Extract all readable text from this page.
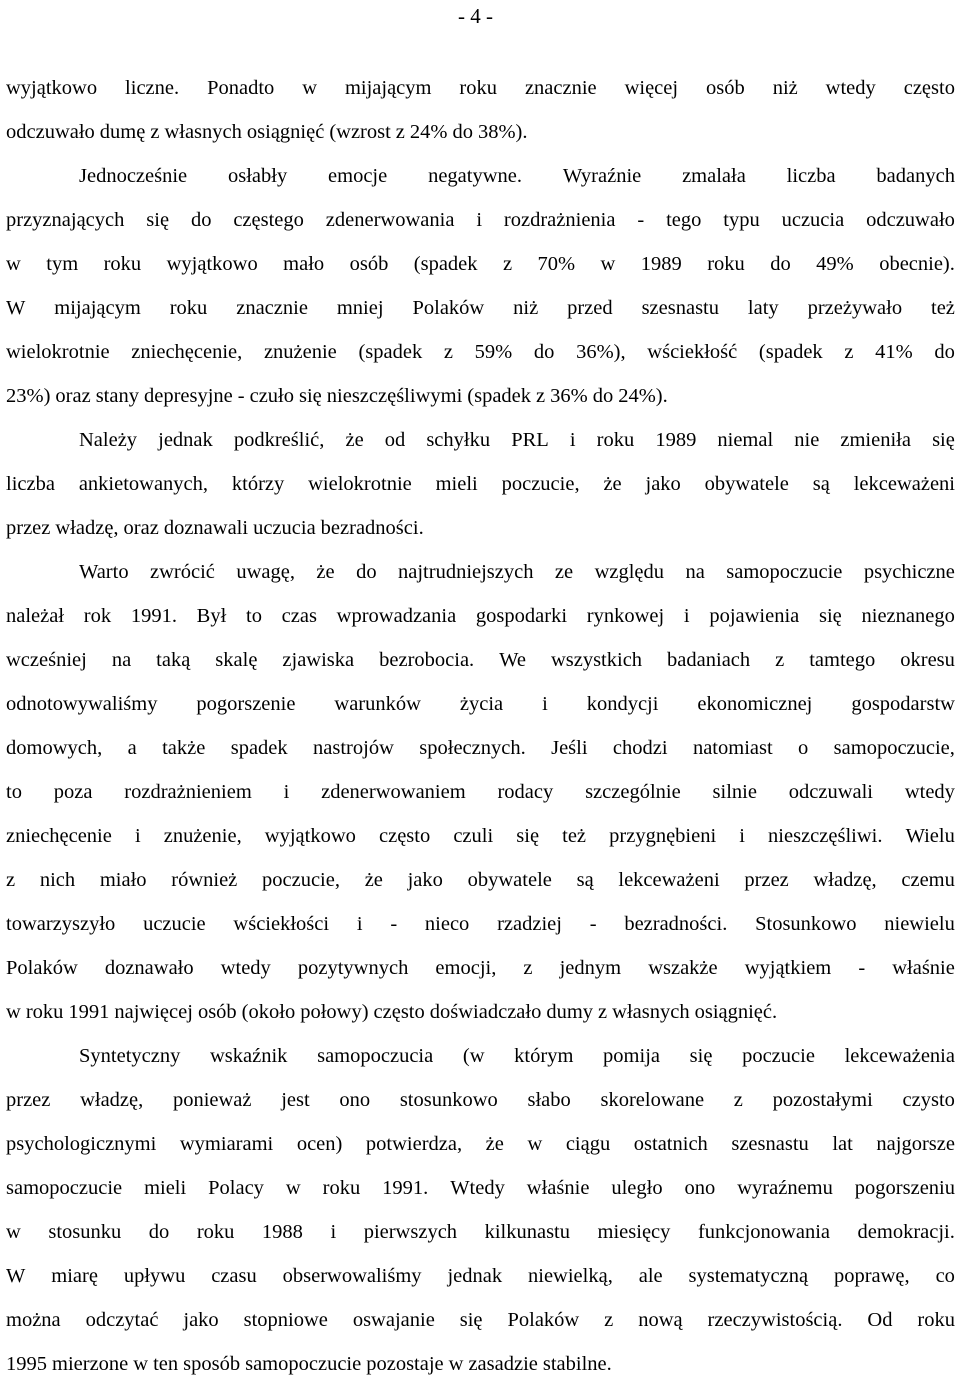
- 4 -
wyjątkowo liczne. Ponadto w mijającym roku znacznie więcej osób niż wtedy często
odczuwało dumę z własnych osiągnięć (wzrost z 24% do 38%).
Jednocześnie osłabły emocje negatywne. Wyraźnie zmalała liczba badanych
przyznających się do częstego zdenerwowania i rozdrażnienia - tego typu uczucia odczuwało
w tym roku wyjątkowo mało osób (spadek z 70% w 1989 roku do 49% obecnie).
W mijającym roku znacznie mniej Polaków niż przed szesnastu laty przeżywało też
wielokrotnie zniechęcenie, znużenie (spadek z 59% do 36%), wściekłość (spadek z 41% do
23%) oraz stany depresyjne - czuło się nieszczęśliwymi (spadek z 36% do 24%).
Należy jednak podkreślić, że od schyłku PRL i roku 1989 niemal nie zmieniła się
liczba ankietowanych, którzy wielokrotnie mieli poczucie, że jako obywatele są lekceważeni
przez władzę, oraz doznawali uczucia bezradności.
Warto zwrócić uwagę, że do najtrudniejszych ze względu na samopoczucie psychiczne
należał rok 1991. Był to czas wprowadzania gospodarki rynkowej i pojawienia się nieznanego
wcześniej na taką skalę zjawiska bezrobocia. We wszystkich badaniach z tamtego okresu
odnotowywaliśmy pogorszenie warunków życia i kondycji ekonomicznej gospodarstw
domowych, a także spadek nastrojów społecznych. Jeśli chodzi natomiast o samopoczucie,
to poza rozdrażnieniem i zdenerwowaniem rodacy szczególnie silnie odczuwali wtedy
zniechęcenie i znużenie, wyjątkowo często czuli się też przygnębieni i nieszczęśliwi. Wielu
z nich miało również poczucie, że jako obywatele są lekceważeni przez władzę, czemu
towarzyszyło uczucie wściekłości i - nieco rzadziej - bezradności. Stosunkowo niewielu
Polaków doznawało wtedy pozytywnych emocji, z jednym wszakże wyjątkiem - właśnie
w roku 1991 najwięcej osób (około połowy) często doświadczało dumy z własnych osiągnięć.
Syntetyczny wskaźnik samopoczucia (w którym pomija się poczucie lekceważenia
przez władzę, ponieważ jest ono stosunkowo słabo skorelowane z pozostałymi czysto
psychologicznymi wymiarami ocen) potwierdza, że w ciągu ostatnich szesnastu lat najgorsze
samopoczucie mieli Polacy w roku 1991. Wtedy właśnie uległo ono wyraźnemu pogorszeniu
w stosunku do roku 1988 i pierwszych kilkunastu miesięcy funkcjonowania demokracji.
W miarę upływu czasu obserwowaliśmy jednak niewielką, ale systematyczną poprawę, co
można odczytać jako stopniowe oswajanie się Polaków z nową rzeczywistością. Od roku
1995 mierzone w ten sposób samopoczucie pozostaje w zasadzie stabilne.
